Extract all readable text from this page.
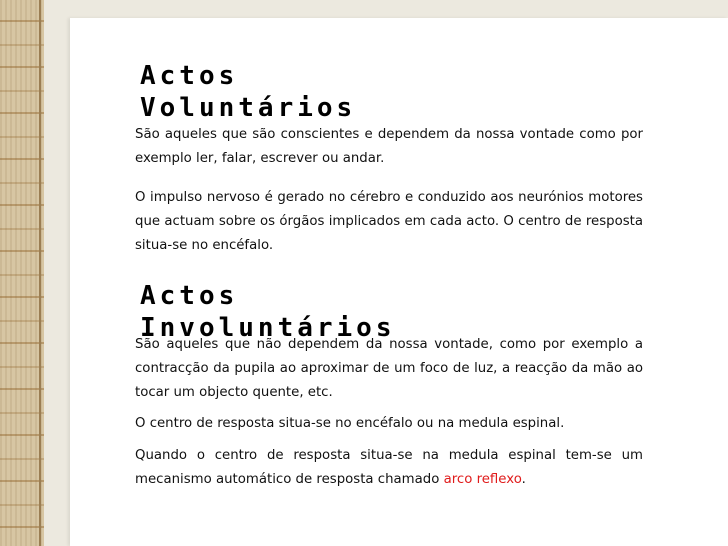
Actos Voluntários

São aqueles que são conscientes e dependem da nossa vontade como por exemplo ler, falar, escrever ou andar.

O impulso nervoso é gerado no cérebro e conduzido aos neurónios motores que actuam sobre os órgãos implicados em cada acto. O centro de resposta situa-se no encéfalo.

Actos Involuntários

São aqueles que não dependem da nossa vontade, como por exemplo a contracção da pupila ao aproximar de um foco de luz, a reacção da mão ao tocar um objecto quente, etc.

O centro de resposta situa-se no encéfalo ou na medula espinal.

Quando o centro de resposta situa-se na medula espinal tem-se um mecanismo automático de resposta chamado arco reflexo.
